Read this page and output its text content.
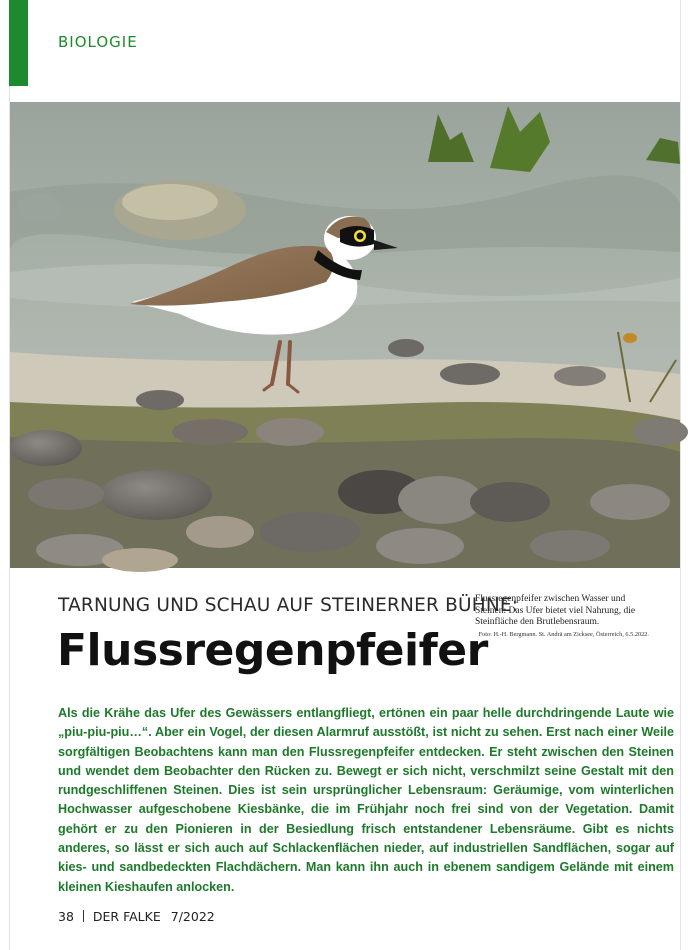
BIOLOGIE
Flussregenpfeifer zwischen Wasser und Steinen: Das Ufer bietet viel Nahrung, die Steinfläche den Brutlebensraum.
Foto: H.-H. Bergmann. St. Andrä am Zicksee, Österreich, 6.5.2022.
TARNUNG UND SCHAU AUF STEINERNER BÜHNE:
Flussregenpfeifer

Als die Krähe das Ufer des Gewässers entlangfliegt, ertönen ein paar helle durchdringende Laute wie „piu-piu-piu…“. Aber ein Vogel, der diesen Alarmruf ausstößt, ist nicht zu sehen. Erst nach einer Weile sorgfältigen Beobachtens kann man den Flussregenpfeifer entdecken. Er steht zwischen den Steinen und wendet dem Beobachter den Rücken zu. Bewegt er sich nicht, verschmilzt seine Gestalt mit den rundgeschliffenen Steinen. Dies ist sein ursprünglicher Lebensraum: Geräumige, vom winterlichen Hochwasser aufgeschobene Kiesbänke, die im Frühjahr noch frei sind von der Vegetation. Damit gehört er zu den Pionieren in der Besiedlung frisch entstandener Lebensräume. Gibt es nichts anderes, so lässt er sich auch auf Schlackenflächen nieder, auf industriellen Sandflächen, sogar auf kies- und sandbedeckten Flachdächern. Man kann ihn auch in ebenem sandigem Gelände mit einem kleinen Kieshaufen anlocken.

38 DER FALKE 7/2022
